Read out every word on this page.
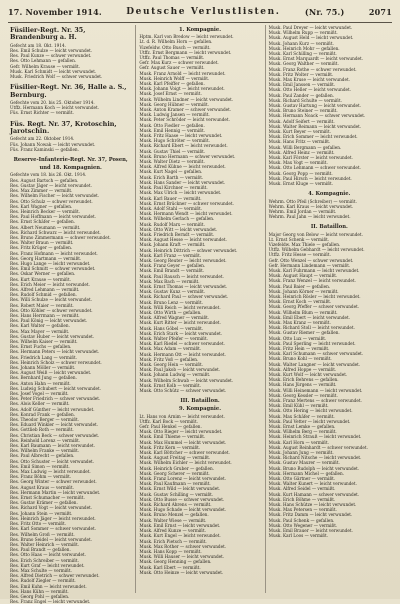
17. November 1914.	Deutsche Verlustlisten.	(Nr. 75.)	2071
Füsilier-Regt. Nr. 35, Brandenburg a. H.
Gefecht am 18. Okt. 1914.
Res. Emil Schulze — leicht verwundet.
Res. Paul Kunze — schwer verwundet.
Res. Otto Lehmann — gefallen.
Gefr. Wilhelm Krause — vermißt.
Musk. Karl Schmidt — leicht verwundet.
Musk. Friedrich Wolf — schwer verwundet.
Füsilier-Regt. Nr. 36, Halle a. S., Bernburg.
Gefechte vom 20. bis 25. Oktober 1914.
Utffz. Hermann Koch — leicht verwundet.
Füs. Ernst Richter — vermißt.
Füs. Regt. Nr. 37, Krotoschin, Jarotschin.
Gefecht am 22. Oktober 1914.
Füs. Johann Nowak — leicht verwundet.
Füs. Franz Kaminski — gefallen.
Reserve-Infanterie-Regt. Nr. 37, Posen,
und 18. Kompagnien.
Gefechte vom 18. bis 26. Okt. 1914.
Res. August Bartsch — gefallen.
Res. Gustav Jäger — leicht verwundet.
Res. Max Zimmer — vermißt.
Res. Wilhelm Fischer — leicht verwundet.
Res. Otto Schulz — schwer verwundet.
Res. Karl Wagner — gefallen.
Res. Heinrich Becker — vermißt.
Res. Paul Hoffmann — leicht verwundet.
Res. Ernst Schäfer — gefallen.
Res. Albert Neumann — vermißt.
Res. Richard Schwarz — leicht verwundet.
Res. Bruno Zimmermann — schwer verwundet.
Res. Walter Braun — vermißt.
Res. Fritz Krüger — gefallen.
Res. Franz Hofmann — leicht verwundet.
Res. Georg Hartmann — vermißt.
Res. Hugo Lange — leicht verwundet.
Res. Emil Schmitt — schwer verwundet.
Res. Oskar Werner — gefallen.
Res. Kurt Krause — vermißt.
Res. Erich Meier — leicht verwundet.
Res. Alfred Lehmann — vermißt.
Res. Rudolf Schmid — gefallen.
Res. Willi Schulze — leicht verwundet.
Res. Robert Maier — vermißt.
Res. Otto Köhler — schwer verwundet.
Res. Hans Herrmann — vermißt.
Res. Paul König — leicht verwundet.
Res. Karl Walter — gefallen.
Res. Max Mayer — vermißt.
Res. Gustav Huber — leicht verwundet.
Res. Wilhelm Kaiser — vermißt.
Res. Ernst Fuchs — gefallen.
Res. Hermann Peters — leicht verwundet.
Res. Friedrich Lang — vermißt.
Res. Heinrich Scholz — schwer verwundet.
Res. Johann Möller — vermißt.
Res. August Weiß — leicht verwundet.
Res. Bernhard Jung — gefallen.
Res. Anton Hahn — vermißt.
Res. Ludwig Schubert — leicht verwundet.
Res. Josef Vogel — vermißt.
Res. Peter Friedrich — schwer verwundet.
Res. Alois Keller — vermißt.
Res. Adolf Günther — leicht verwundet.
Res. Konrad Frank — gefallen.
Res. Theodor Berger — vermißt.
Res. Eduard Winkler — leicht verwundet.
Res. Gottlieb Roth — vermißt.
Res. Christian Beck — schwer verwundet.
Res. Reinhold Lorenz — vermißt.
Res. Karl Baumann — leicht verwundet.
Res. Wilhelm Franke — vermißt.
Res. Paul Albrecht — gefallen.
Res. Otto Schuster — leicht verwundet.
Res. Emil Simon — vermißt.
Res. Max Ludwig — leicht verwundet.
Res. Franz Böhm — vermißt.
Res. Georg Winter — schwer verwundet.
Res. August Kraus — vermißt.
Res. Hermann Martin — leicht verwundet.
Res. Ernst Schumacher — vermißt.
Res. Gustav Krämer — gefallen.
Res. Richard Vogt — leicht verwundet.
Res. Johann Stein — vermißt.
Res. Heinrich Jäger — leicht verwundet.
Res. Fritz Otto — vermißt.
Res. Karl Sommer — schwer verwundet.
Res. Wilhelm Groß — vermißt.
Res. Bruno Seidel — leicht verwundet.
Res. Walter Heinrich — vermißt.
Res. Paul Brandt — gefallen.
Res. Otto Haas — leicht verwundet.
Res. Erich Schreiber — vermißt.
Res. Kurt Graf — leicht verwundet.
Res. Max Schulte — vermißt.
Res. Alfred Dietrich — schwer verwundet.
Res. Rudolf Ziegler — vermißt.
Res. Emil Kuhn — leicht verwundet.
Res. Hans Kühn — vermißt.
Res. Georg Pohl — gefallen.
Res. Franz Engel — leicht verwundet.
1. Kompagnie.
Hptm. Karl von Bredow — leicht verwundet.
Lt. d. R. Wilhelm Horn — gefallen.
Vizefeldw. Otto Busch — vermißt.
Utffz. Ernst Bergmann — leicht verwundet.
Utffz. Paul Thomas — vermißt.
Gefr. Max Kurz — schwer verwundet.
Gefr. August Sauer — vermißt.
Musk. Franz Arnold — leicht verwundet.
Musk. Heinrich Wolff — vermißt.
Musk. Karl Pfeiffer — gefallen.
Musk. Johann Voigt — leicht verwundet.
Musk. Josef Ernst — vermißt.
Musk. Wilhelm Lindner — leicht verwundet.
Musk. Georg Hübner — vermißt.
Musk. Anton Kramer — schwer verwundet.
Musk. Ludwig Jansen — vermißt.
Musk. Peter Schröder — leicht verwundet.
Musk. Otto Fiedler — gefallen.
Musk. Emil Hennig — vermißt.
Musk. Fritz Haase — leicht verwundet.
Musk. Hugo Schröter — vermißt.
Musk. Richard Ebert — leicht verwundet.
Musk. Gustav Thiel — vermißt.
Musk. Bruno Hermann — schwer verwundet.
Musk. Walter Dietz — vermißt.
Musk. Alfred Kühne — leicht verwundet.
Musk. Kurt Nagel — gefallen.
Musk. Erich Barth — vermißt.
Musk. Hans Sander — leicht verwundet.
Musk. Paul Kirchner — vermißt.
Musk. Max Ulrich — leicht verwundet.
Musk. Karl Bauer — vermißt.
Musk. Ernst Brückner — schwer verwundet.
Musk. Adolf Stahl — vermißt.
Musk. Hermann Wendt — leicht verwundet.
Musk. Wilhelm Gerlach — gefallen.
Musk. Rudolf Marx — vermißt.
Musk. Otto Witt — leicht verwundet.
Musk. Friedrich Berndt — vermißt.
Musk. August Hesse — leicht verwundet.
Musk. Johann Kraft — vermißt.
Musk. Heinrich Dittrich — schwer verwundet.
Musk. Karl Franz — vermißt.
Musk. Georg Reuter — leicht verwundet.
Musk. Franz Geyer — gefallen.
Musk. Emil Brandt — vermißt.
Musk. Paul Rausch — leicht verwundet.
Musk. Max Bach — vermißt.
Musk. Ernst Thomas — leicht verwundet.
Musk. Gustav Kunz — vermißt.
Musk. Richard Paul — schwer verwundet.
Musk. Bruno Lenz — vermißt.
Musk. Willi Reich — leicht verwundet.
Musk. Otto Wirth — gefallen.
Musk. Alfred Wagner — vermißt.
Musk. Kurt Ritter — leicht verwundet.
Musk. Hans Göbel — vermißt.
Musk. Erich Stark — leicht verwundet.
Musk. Walter Pfeifer — vermißt.
Musk. Karl Riedel — schwer verwundet.
Musk. Max Adam — vermißt.
Musk. Hermann Ott — leicht verwundet.
Musk. Fritz Voß — gefallen.
Musk. Georg Hein — vermißt.
Musk. Paul Jakob — leicht verwundet.
Musk. Johann Ludwig — vermißt.
Musk. Wilhelm Schwab — leicht verwundet.
Musk. Ernst Kolb — vermißt.
Musk. Otto Schütz — schwer verwundet.
III. Bataillon.
9. Kompagnie.
Lt. Hans von Arnim — leicht verwundet.
Utffz. Karl Bock — vermißt.
Gefr. Paul Henkel — gefallen.
Musk. Otto Rieger — leicht verwundet.
Musk. Emil Thieme — vermißt.
Musk. Max Hummel — leicht verwundet.
Musk. Fritz Kern — vermißt.
Musk. Karl Böttcher — schwer verwundet.
Musk. August Freitag — vermißt.
Musk. Wilhelm Eichler — leicht verwundet.
Musk. Heinrich Gruber — gefallen.
Musk. Georg Scherer — vermißt.
Musk. Franz Lorenz — leicht verwundet.
Musk. Paul Kaufmann — vermißt.
Musk. Ernst Wild — leicht verwundet.
Musk. Gustav Schilling — vermißt.
Musk. Otto Busse — schwer verwundet.
Musk. Richard Ahrens — vermißt.
Musk. Hugo Schade — leicht verwundet.
Musk. Bruno Menzel — gefallen.
Musk. Walter Wiese — vermißt.
Musk. Emil Ernst — leicht verwundet.
Musk. Alfred Kunze — vermißt.
Musk. Kurt Engel — leicht verwundet.
Musk. Erich Pietsch — vermißt.
Musk. Max Rother — schwer verwundet.
Musk. Hans Kopp — vermißt.
Musk. Willi Hauser — leicht verwundet.
Musk. Georg Henning — gefallen.
Musk. Karl Ebert — vermißt.
Musk. Otto Heinze — leicht verwundet.
Musk. Paul Dreyer — leicht verwundet.
Musk. Wilhelm Rupp — vermißt.
Musk. August Held — leicht verwundet.
Musk. Johann Kurz — vermißt.
Musk. Heinrich Mohr — gefallen.
Musk. Karl Schilling — vermißt.
Musk. Ernst Marquardt — leicht verwundet.
Musk. Georg Walther — vermißt.
Musk. Franz Rothe — schwer verwundet.
Musk. Fritz Wolter — vermißt.
Musk. Max Kruse — leicht verwundet.
Musk. Emil Janssen — vermißt.
Musk. Otto Heller — leicht verwundet.
Musk. Paul Zander — gefallen.
Musk. Richard Schulte — vermißt.
Musk. Gustav Hartung — leicht verwundet.
Musk. Bruno Steiner — vermißt.
Musk. Hermann Noack — schwer verwundet.
Musk. Adolf Seifert — vermißt.
Musk. Walter Reimann — leicht verwundet.
Musk. Kurt Beyer — vermißt.
Musk. Erich Sommer — leicht verwundet.
Musk. Hans Fritz — vermißt.
Musk. Willi Bergmann — gefallen.
Musk. Alfred Heinz — vermißt.
Musk. Karl Förster — leicht verwundet.
Musk. Max Vogt — vermißt.
Musk. Otto Lehmann — schwer verwundet.
Musk. Georg Popp — vermißt.
Musk. Paul Hirsch — leicht verwundet.
Musk. Ernst Kluge — vermißt.
4. Kompagnie.
Wehrm. Otto Pfeil (Schreiber) — vermißt.
Wehrm. Karl Kraus — leicht verwundet.
Wehrm. Emil Jordan — vermißt.
Wehrm. Paul Jahn — leicht verwundet.
II. Bataillon.
Major Georg von Below — leicht verwundet.
Lt. Ernst Schenk — vermißt.
Vizefeldw. Max Thiele — gefallen.
Utffz. Wilhelm Gebhardt — leicht verwundet.
Utffz. Fritz Hesse — vermißt.
Gefr. Otto Wenzel — schwer verwundet.
Gefr. Hermann Lindemann — vermißt.
Musk. Karl Fuhrmann — leicht verwundet.
Musk. August Haupt — vermißt.
Musk. Franz Wenzel — leicht verwundet.
Musk. Paul Baier — gefallen.
Musk. Johann Körner — vermißt.
Musk. Heinrich Rösler — leicht verwundet.
Musk. Ernst Koch — vermißt.
Musk. Georg Pfeffer — schwer verwundet.
Musk. Wilhelm Blum — vermißt.
Musk. Emil Ebert — leicht verwundet.
Musk. Max Kranz — vermißt.
Musk. Richard Stoll — leicht verwundet.
Musk. Gustav Riemer — gefallen.
Musk. Otto Lux — vermißt.
Musk. Paul Sperling — leicht verwundet.
Musk. Fritz Hein — vermißt.
Musk. Karl Schumann — schwer verwundet.
Musk. Bruno Kohl — vermißt.
Musk. Walter Langner — leicht verwundet.
Musk. Alfred Hoppe — vermißt.
Musk. Kurt Wolf — leicht verwundet.
Musk. Erich Behrens — gefallen.
Musk. Hans Jürgens — vermißt.
Musk. Willi Heinemann — leicht verwundet.
Musk. Georg Kessler — vermißt.
Musk. Franz Mertens — schwer verwundet.
Musk. Emil Kühl — vermißt.
Musk. Otto Hering — leicht verwundet.
Musk. Max Schäfer — vermißt.
Musk. Paul Vetter — leicht verwundet.
Musk. Ernst Lemke — gefallen.
Musk. Wilhelm Berg — vermißt.
Musk. Heinrich Strauß — leicht verwundet.
Musk. Karl Horn — vermißt.
Musk. August Reinhardt — schwer verwundet.
Musk. Johann Jung — vermißt.
Musk. Richard Nitsche — leicht verwundet.
Musk. Gustav Maurer — vermißt.
Musk. Bruno Rudolph — leicht verwundet.
Musk. Hermann Michel — gefallen.
Musk. Otto Gärtner — vermißt.
Musk. Walter Kunert — leicht verwundet.
Musk. Alfred Seidel — vermißt.
Musk. Kurt Hamann — schwer verwundet.
Musk. Erich Böhme — vermißt.
Musk. Hans Schütze — leicht verwundet.
Musk. Max Petersen — vermißt.
Musk. Fritz Damm — leicht verwundet.
Musk. Paul Schenk — gefallen.
Musk. Otto Wegener — vermißt.
Musk. Emil Brauer — leicht verwundet.
Musk. Karl Loos — vermißt.
